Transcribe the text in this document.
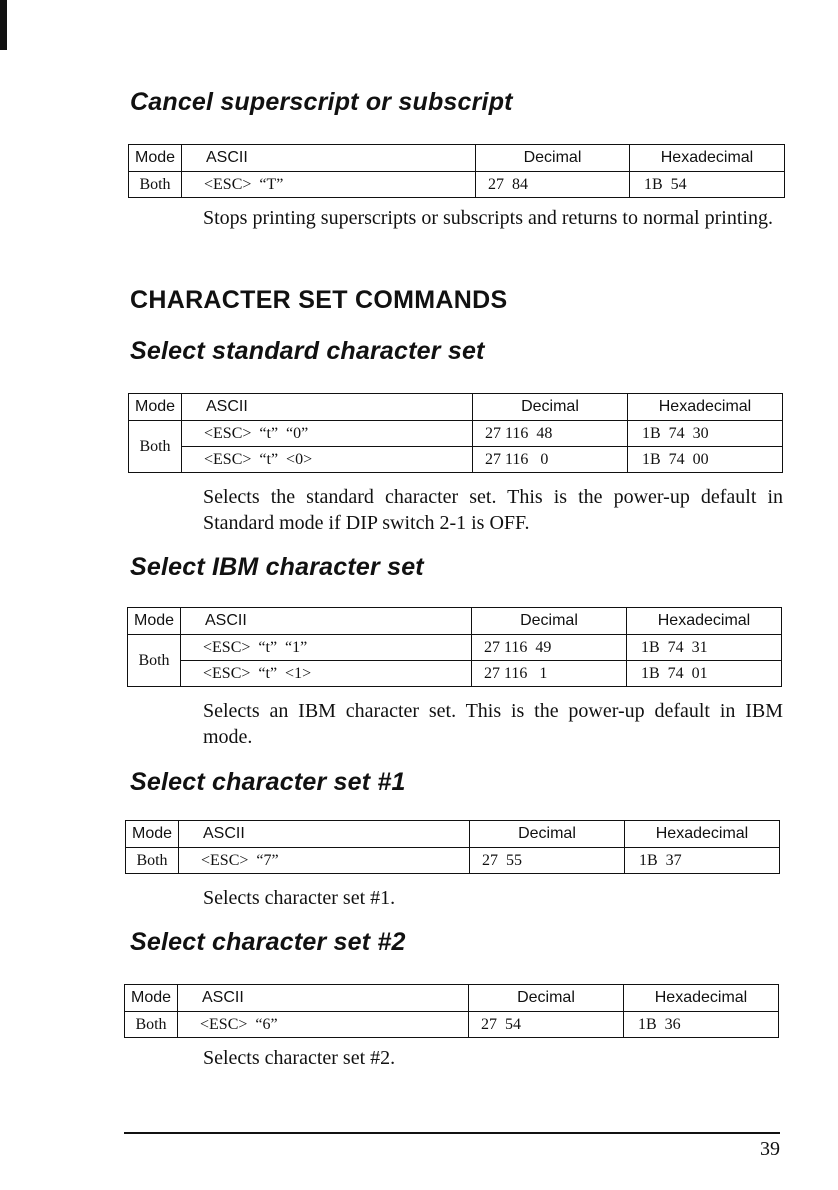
Cancel superscript or subscript
Mode	ASCII	Decimal	Hexadecimal
Both	<ESC>  “T”	27  84	1B  54

Stops printing superscripts or subscripts and returns to normal printing.

CHARACTER SET COMMANDS
Select standard character set
Mode	ASCII	Decimal	Hexadecimal
Both	<ESC>  “t”  “0”	27 116  48	1B  74  30
	<ESC>  “t”  <0>	27 116   0	1B  74  00

Selects the standard character set. This is the power-up default in Standard mode if DIP switch 2-1 is OFF.

Select IBM character set
Mode	ASCII	Decimal	Hexadecimal
Both	<ESC>  “t”  “1”	27 116  49	1B  74  31
	<ESC>  “t”  <1>	27 116   1	1B  74  01

Selects an IBM character set. This is the power-up default in IBM mode.

Select character set #1
Mode	ASCII	Decimal	Hexadecimal
Both	<ESC>  “7”	27  55	1B  37

Selects character set #1.

Select character set #2
Mode	ASCII	Decimal	Hexadecimal
Both	<ESC>  “6”	27  54	1B  36

Selects character set #2.

39
